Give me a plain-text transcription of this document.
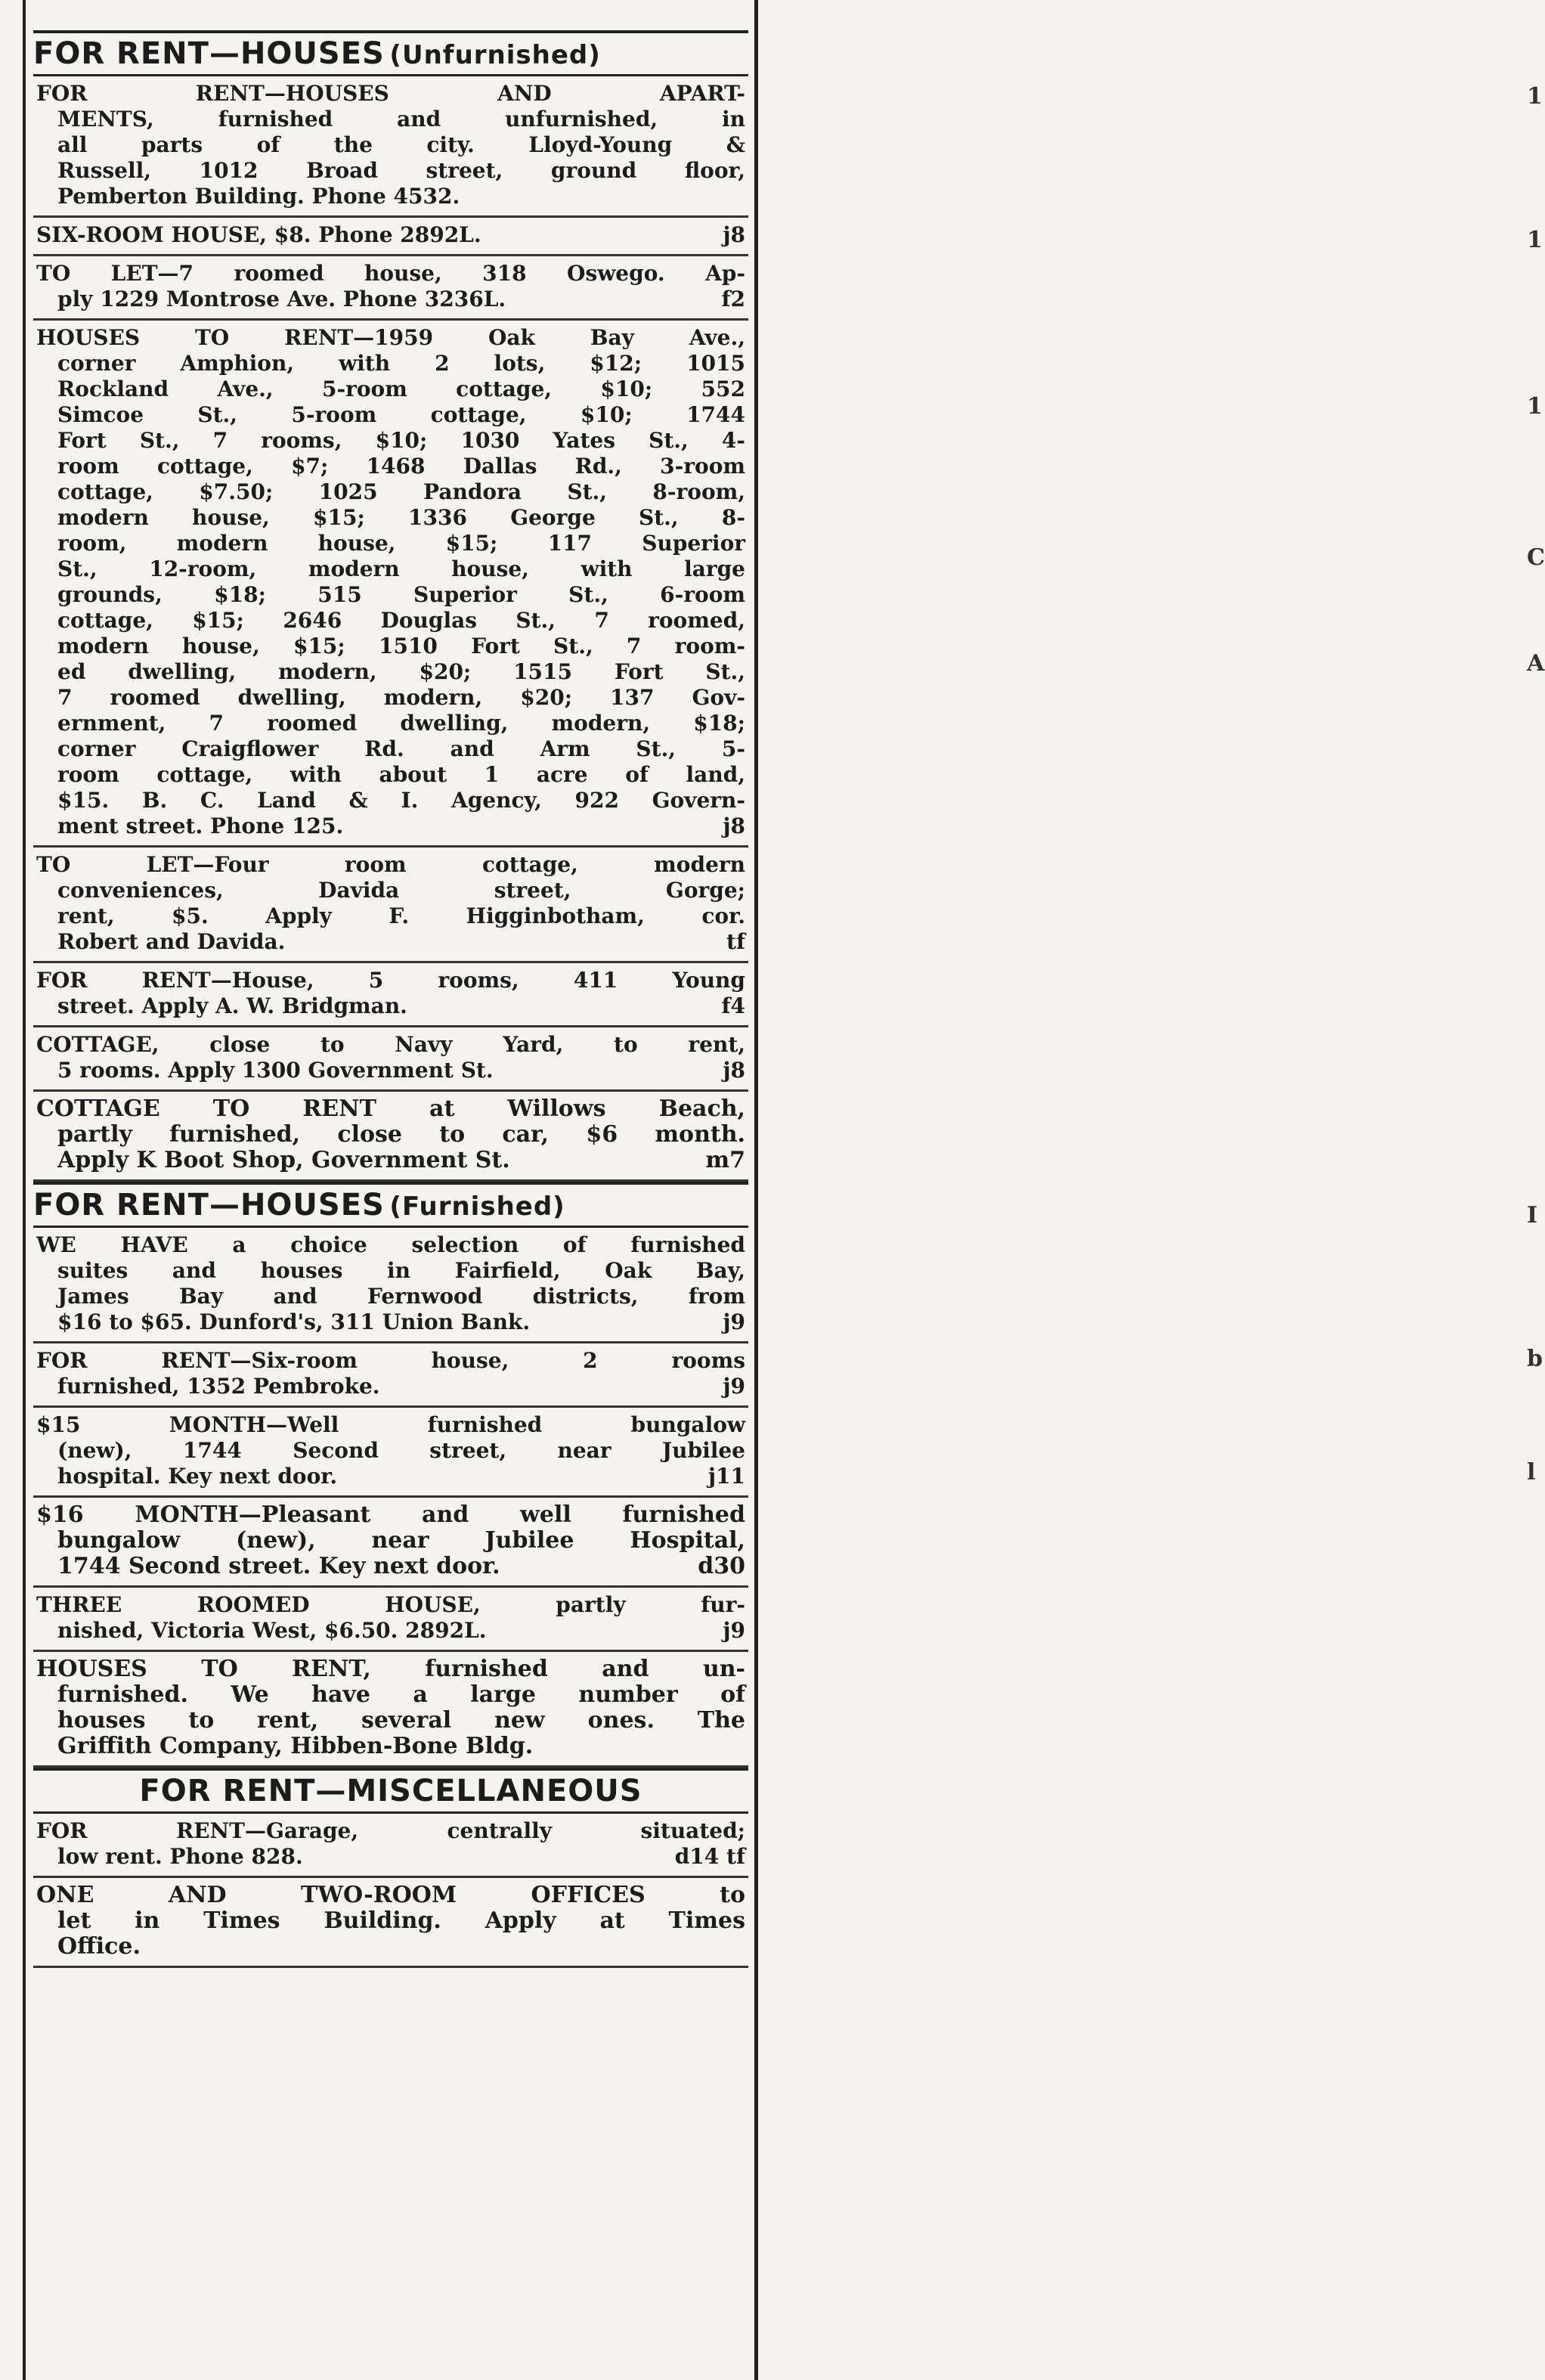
1
1
1
C
A
I
b
l
FOR RENT—HOUSES (Unfurnished)
FOR RENT—HOUSES AND APART-
MENTS, furnished and unfurnished, in
all parts of the city. Lloyd-Young &
Russell, 1012 Broad street, ground floor,
Pemberton Building. Phone 4532.
SIX-ROOM HOUSE, $8. Phone 2892L.	j8
TO LET—7 roomed house, 318 Oswego. Ap-
ply 1229 Montrose Ave. Phone 3236L.	f2
HOUSES TO RENT—1959 Oak Bay Ave.,
corner Amphion, with 2 lots, $12; 1015
Rockland Ave., 5-room cottage, $10; 552
Simcoe St., 5-room cottage, $10; 1744
Fort St., 7 rooms, $10; 1030 Yates St., 4-
room cottage, $7; 1468 Dallas Rd., 3-room
cottage, $7.50; 1025 Pandora St., 8-room,
modern house, $15; 1336 George St., 8-
room, modern house, $15; 117 Superior
St., 12-room, modern house, with large
grounds, $18; 515 Superior St., 6-room
cottage, $15; 2646 Douglas St., 7 roomed,
modern house, $15; 1510 Fort St., 7 room-
ed dwelling, modern, $20; 1515 Fort St.,
7 roomed dwelling, modern, $20; 137 Gov-
ernment, 7 roomed dwelling, modern, $18;
corner Craigflower Rd. and Arm St., 5-
room cottage, with about 1 acre of land,
$15. B. C. Land & I. Agency, 922 Govern-
ment street. Phone 125.	j8
TO LET—Four room cottage, modern
conveniences, Davida street, Gorge;
rent, $5. Apply F. Higginbotham, cor.
Robert and Davida.	tf
FOR RENT—House, 5 rooms, 411 Young
street. Apply A. W. Bridgman.	f4
COTTAGE, close to Navy Yard, to rent,
5 rooms. Apply 1300 Government St.	j8
COTTAGE TO RENT at Willows Beach,
partly furnished, close to car, $6 month.
Apply K Boot Shop, Government St.	m7
FOR RENT—HOUSES (Furnished)
WE HAVE a choice selection of furnished
suites and houses in Fairfield, Oak Bay,
James Bay and Fernwood districts, from
$16 to $65. Dunford's, 311 Union Bank.	j9
FOR RENT—Six-room house, 2 rooms
furnished, 1352 Pembroke.	j9
$15 MONTH—Well furnished bungalow
(new), 1744 Second street, near Jubilee
hospital. Key next door.	j11
$16 MONTH—Pleasant and well furnished
bungalow (new), near Jubilee Hospital,
1744 Second street. Key next door.	d30
THREE ROOMED HOUSE, partly fur-
nished, Victoria West, $6.50. 2892L.	j9
HOUSES TO RENT, furnished and un-
furnished. We have a large number of
houses to rent, several new ones. The
Griffith Company, Hibben-Bone Bldg.
FOR RENT—MISCELLANEOUS
FOR RENT—Garage, centrally situated;
low rent. Phone 828.	d14 tf
ONE AND TWO-ROOM OFFICES to
let in Times Building. Apply at Times
Office.
